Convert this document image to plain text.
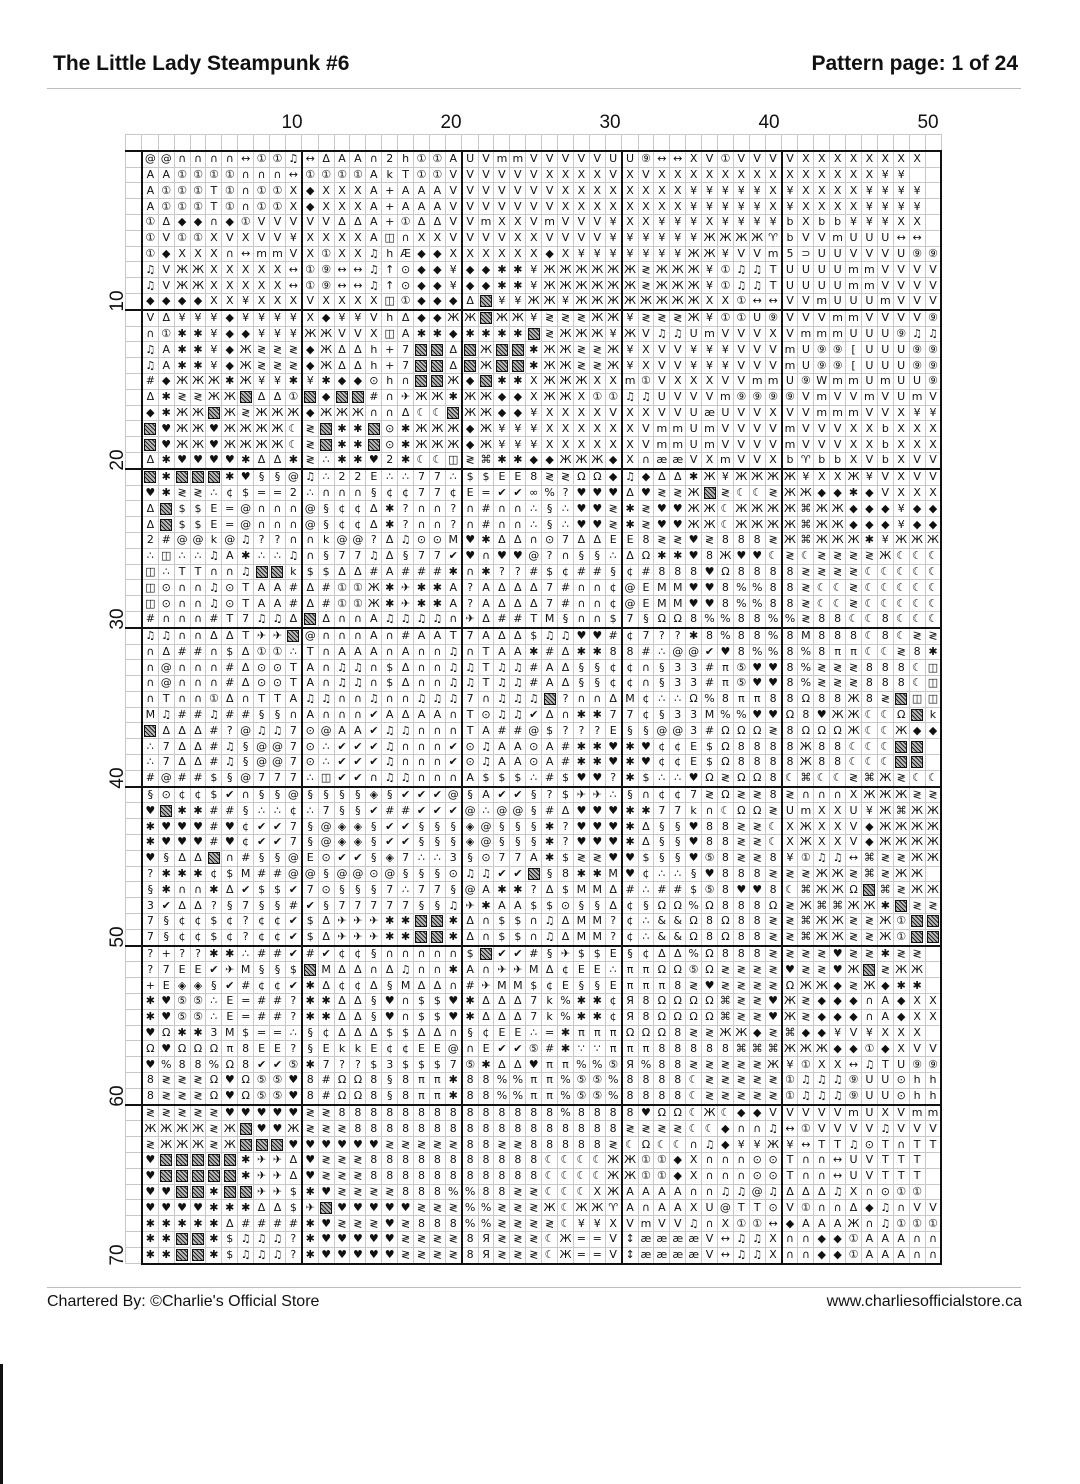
The Little Lady Steampunk #6	Pattern page: 1 of 24
10	20	30	40	50
10
20
30
40
50
60
70

	@	@	∩	∩	∩	∩	↔	①	①	♫	↔	Δ	A	A	∩	2	h	①	①	A	U	V	m	m	V	V	V	V	V	U	U	⑨	↔	↔	X	V	①	V	V	V	V	X	X	X	X	X	X	X	X	
	A	A	①	①	①	①	∩	∩	∩	↔	①	①	①	①	A	k	T	①	①	V	V	V	V	V	V	X	X	X	X	V	X	V	X	X	X	X	X	X	X	X	X	X	X	X	X	X	¥	¥		
	A	①	①	①	T	①	∩	①	①	X	◆	X	X	X	A	+	A	A	A	V	V	V	V	V	V	V	X	X	X	X	X	X	X	X	¥	¥	¥	¥	¥	X	¥	X	X	X	X	¥	¥	¥	¥	
	A	①	①	①	T	①	∩	①	①	X	◆	X	X	X	A	+	A	A	A	V	V	V	V	V	V	V	X	X	X	X	X	X	X	X	¥	¥	¥	¥	¥	X	¥	X	X	X	X	¥	¥	¥	¥	
	①	Δ	◆	◆	∩	◆	①	V	V	V	V	V	Δ	Δ	A	+	①	Δ	Δ	V	V	m	X	X	V	m	V	V	V	¥	X	X	¥	¥	¥	X	¥	¥	¥	¥	b	X	b	b	¥	¥	¥	X	X	
	①	V	①	①	X	V	X	V	V	¥	X	X	X	X	A	◫	∩	X	X	V	V	V	V	X	X	V	V	V	V	¥	¥	¥	¥	¥	¥	Ж	Ж	Ж	Ж	♈	b	V	V	m	U	U	U	↔	↔	
	①	◆	X	X	X	∩	↔	m	m	V	X	①	X	X	♫	h	Æ	◆	◆	X	X	X	X	X	X	◆	X	¥	¥	¥	¥	¥	¥	¥	Ж	Ж	¥	V	V	m	5	⊃	U	U	V	V	V	U	⑨	⑨
	♫	V	Ж	Ж	X	X	X	X	X	↔	①	⑨	↔	↔	♫	↑	⊙	◆	◆	¥	◆	◆	✱	✱	¥	Ж	Ж	Ж	Ж	Ж	Ж	≷	Ж	Ж	Ж	¥	①	♫	♫	T	U	U	U	U	m	m	V	V	V	V
	♫	V	Ж	Ж	X	X	X	X	X	↔	①	⑨	↔	↔	♫	↑	⊙	◆	◆	¥	◆	◆	✱	✱	¥	Ж	Ж	Ж	Ж	Ж	Ж	≷	Ж	Ж	Ж	¥	①	♫	♫	T	U	U	U	U	m	m	V	V	V	V
	◆	◆	◆	◆	X	X	¥	X	X	X	V	X	X	X	X	◫	①	◆	◆	◆	Δ		¥	¥	Ж	Ж	¥	Ж	Ж	Ж	Ж	Ж	Ж	Ж	Ж	X	X	①	↔	↔	V	V	m	U	U	U	m	V	V	V
	V	Δ	¥	¥	¥	◆	¥	¥	¥	¥	X	◆	¥	¥	V	h	Δ	◆	◆	Ж	Ж		Ж	Ж	¥	≷	≷	≷	Ж	Ж	¥	≷	≷	≷	Ж	¥	①	①	U	⑨	V	V	V	m	m	V	V	V	V	⑨
	∩	①	✱	✱	¥	◆	◆	¥	¥	¥	Ж	Ж	V	V	X	◫	A	✱	✱	◆	✱	✱	✱	✱		≷	Ж	Ж	Ж	¥	Ж	V	♫	♫	U	m	V	V	V	X	V	m	m	m	U	U	U	⑨	♫	♫
	♫	A	✱	✱	¥	◆	Ж	≷	≷	≷	◆	Ж	Δ	Δ	h	+	7			Δ		Ж			✱	Ж	Ж	≷	≷	Ж	¥	X	V	V	¥	¥	¥	V	V	V	m	U	⑨	⑨	[	U	U	U	⑨	⑨
	♫	A	✱	✱	¥	◆	Ж	≷	≷	≷	◆	Ж	Δ	Δ	h	+	7			Δ		Ж			✱	Ж	Ж	≷	≷	Ж	¥	X	V	V	¥	¥	¥	V	V	V	m	U	⑨	⑨	[	U	U	U	⑨	⑨
	#	◆	Ж	Ж	Ж	✱	Ж	¥	¥	✱	¥	✱	◆	◆	⊙	h	∩			Ж	◆		✱	✱	X	Ж	Ж	Ж	X	X	m	①	V	X	X	X	V	V	m	m	U	⑨	W	m	m	U	m	U	U	⑨
	Δ	✱	≷	≷	Ж	Ж		Δ	Δ	①		◆			#	∩	✈	Ж	Ж	✱	Ж	Ж	◆	◆	X	Ж	Ж	X	①	①	♫	♫	U	V	V	V	m	⑨	⑨	⑨	⑨	V	m	V	V	m	V	U	m	V
	◆	✱	Ж	Ж		Ж	≷	Ж	Ж	Ж	◆	Ж	Ж	Ж	∩	∩	Δ	☾	☾		Ж	Ж	◆	◆	¥	X	X	X	X	V	X	X	V	V	U	æ	U	V	V	X	V	V	m	m	m	V	V	X	¥	¥
		♥	Ж	Ж	♥	Ж	Ж	Ж	Ж	☾	≷		✱	✱		⊙	✱	Ж	Ж	Ж	◆	Ж	¥	¥	¥	X	X	X	X	X	X	V	m	m	U	m	V	V	V	V	m	V	V	V	X	X	b	X	X	X
		♥	Ж	Ж	♥	Ж	Ж	Ж	Ж	☾	≷		✱	✱		⊙	✱	Ж	Ж	Ж	◆	Ж	¥	¥	¥	X	X	X	X	X	X	V	m	m	U	m	V	V	V	V	m	V	V	V	X	X	b	X	X	X
	Δ	✱	♥	♥	♥	♥	✱	Δ	Δ	✱	≷	∴	✱	✱	♥	2	✱	☾	☾	◫	≷	⌘	✱	✱	◆	◆	Ж	Ж	Ж	◆	X	∩	æ	æ	V	X	m	V	V	X	b	♈	b	b	X	V	b	X	V	V
		✱				✱	♥	§	§	@	♫	∴	2	2	E	∴	∴	7	7	∴	$	$	E	E	8	≷	≷	Ω	Ω	◆	♫	◆	Δ	Δ	✱	Ж	¥	Ж	Ж	Ж	Ж	¥	X	X	Ж	¥	V	X	V	V
	♥	✱	≷	≷	∴	¢	$	=	=	2	∴	∩	∩	∩	§	¢	¢	7	7	¢	E	=	✔	✔	∞	%	?	♥	♥	♥	Δ	♥	≷	≷	Ж		≷	☾	☾	≷	Ж	Ж	◆	◆	✱	◆	V	X	X	X
	Δ		$	$	E	=	@	∩	∩	∩	@	§	¢	¢	Δ	✱	?	∩	∩	?	∩	#	∩	∩	∴	§	∴	♥	♥	≷	✱	≷	♥	♥	Ж	Ж	☾	Ж	Ж	Ж	Ж	⌘	Ж	Ж	◆	◆	◆	¥	◆	◆
	Δ		$	$	E	=	@	∩	∩	∩	@	§	¢	¢	Δ	✱	?	∩	∩	?	∩	#	∩	∩	∴	§	∴	♥	♥	≷	✱	≷	♥	♥	Ж	Ж	☾	Ж	Ж	Ж	Ж	⌘	Ж	Ж	◆	◆	◆	¥	◆	◆
	2	#	@	@	k	@	♫	?	?	∩	∩	k	@	@	?	Δ	♫	⊙	⊙	M	♥	✱	Δ	Δ	∩	⊙	7	Δ	Δ	E	E	8	≷	≷	♥	≷	8	8	8	≷	Ж	⌘	Ж	Ж	Ж	✱	¥	Ж	Ж	Ж
	∴	◫	∴	∴	♫	A	✱	∴	∴	♫	∩	§	7	7	♫	Δ	§	7	7	✔	♥	∩	♥	♥	@	?	∩	§	§	∴	Δ	Ω	✱	✱	♥	8	Ж	♥	♥	☾	≷	☾	≷	≷	≷	≷	Ж	☾	☾	☾
	◫	∴	T	T	∩	∩	♫			k	$	$	Δ	Δ	#	A	#	#	#	✱	∩	✱	?	?	#	$	¢	#	#	§	¢	#	8	8	8	♥	Ω	8	8	8	8	≷	≷	≷	≷	☾	☾	☾	☾	☾
	◫	⊙	∩	∩	♫	⊙	T	A	A	#	Δ	#	①	①	Ж	✱	✈	✱	✱	A	?	A	Δ	Δ	Δ	7	#	∩	∩	¢	@	E	M	M	♥	♥	8	%	%	8	8	≷	☾	☾	≷	☾	☾	☾	☾	☾
	◫	⊙	∩	∩	♫	⊙	T	A	A	#	Δ	#	①	①	Ж	✱	✈	✱	✱	A	?	A	Δ	Δ	Δ	7	#	∩	∩	¢	@	E	M	M	♥	♥	8	%	%	8	8	≷	☾	☾	≷	☾	☾	☾	☾	☾
	#	∩	∩	∩	#	T	7	♫	♫	Δ		Δ	∩	∩	A	♫	♫	♫	♫	∩	✈	Δ	#	#	T	M	§	∩	∩	$	7	§	Ω	Ω	8	%	%	8	8	%	%	≷	8	8	☾	☾	8	☾	☾	☾
	♫	♫	∩	∩	Δ	Δ	T	✈	✈		@	∩	∩	∩	A	∩	#	A	A	T	7	A	Δ	Δ	$	♫	♫	♥	♥	#	¢	7	?	?	✱	8	%	8	8	%	8	M	8	8	8	☾	8	☾	≷	≷
	∩	Δ	#	#	∩	$	Δ	①	①	∴	T	∩	A	A	A	∩	A	∩	∩	♫	∩	T	A	A	✱	#	Δ	✱	✱	8	8	#	∴	@	@	✔	♥	8	%	%	8	%	8	π	π	☾	☾	≷	8	✱
	∩	@	∩	∩	∩	#	Δ	⊙	⊙	T	A	∩	♫	♫	∩	$	Δ	∩	∩	♫	♫	T	♫	♫	#	A	Δ	§	§	¢	¢	∩	§	3	3	#	π	⑤	♥	♥	8	%	≷	≷	≷	8	8	8	☾	◫
	∩	@	∩	∩	∩	#	Δ	⊙	⊙	T	A	∩	♫	♫	∩	$	Δ	∩	∩	♫	♫	T	♫	♫	#	A	Δ	§	§	¢	¢	∩	§	3	3	#	π	⑤	♥	♥	8	%	≷	≷	≷	8	8	8	☾	◫
	∩	T	∩	∩	①	Δ	∩	T	T	A	♫	♫	∩	∩	♫	∩	∩	♫	♫	♫	7	∩	♫	♫	♫		?	∩	∩	Δ	M	¢	∴	∴	Ω	%	8	π	π	8	8	Ω	8	8	Ж	8	≷		◫	◫
	M	♫	#	#	♫	#	#	§	§	∩	A	∩	∩	∩	✔	A	Δ	A	A	∩	T	⊙	♫	♫	✔	Δ	∩	✱	✱	7	7	¢	§	3	3	M	%	%	♥	♥	Ω	8	♥	Ж	Ж	☾	☾	Ω		k
		Δ	Δ	Δ	#	?	@	♫	♫	7	⊙	@	A	A	✔	♫	♫	∩	∩	∩	T	A	#	#	@	$	?	?	?	E	§	§	@	@	3	#	Ω	Ω	Ω	≷	8	Ω	Ω	Ω	Ж	☾	☾	Ж	◆	◆
	∴	7	Δ	Δ	#	♫	§	@	@	7	⊙	∴	✔	✔	✔	♫	∩	∩	∩	✔	⊙	♫	A	A	⊙	A	#	✱	✱	♥	✱	♥	¢	¢	E	$	Ω	8	8	8	8	Ж	8	8	☾	☾	☾			
	∴	7	Δ	Δ	#	♫	§	@	@	7	⊙	∴	✔	✔	✔	♫	∩	∩	∩	✔	⊙	♫	A	A	⊙	A	#	✱	✱	♥	✱	♥	¢	¢	E	$	Ω	8	8	8	8	Ж	8	8	☾	☾	☾			
	#	@	#	#	$	§	@	7	7	7	∴	◫	✔	✔	∩	♫	♫	∩	∩	∩	A	$	$	$	∴	#	$	♥	♥	?	✱	$	∴	∴	♥	Ω	≷	Ω	Ω	8	☾	⌘	☾	☾	≷	⌘	Ж	≷	☾	☾
	§	⊙	¢	¢	$	✔	∩	§	§	@	§	§	§	§	◈	§	✔	✔	✔	@	§	A	✔	✔	§	?	$	✈	✈	∴	§	∩	¢	¢	7	≷	Ω	≷	≷	8	≷	∩	∩	∩	X	Ж	Ж	Ж	≷	≷
	♥		✱	✱	#	#	§	∴	∴	¢	∴	7	§	§	✔	#	#	✔	✔	✔	@	∴	@	@	§	#	Δ	♥	♥	♥	✱	✱	7	7	k	∩	☾	Ω	Ω	≷	U	m	X	X	U	¥	Ж	⌘	Ж	Ж
	✱	♥	♥	♥	#	♥	¢	✔	✔	7	§	@	◈	◈	§	✔	✔	§	§	§	◈	@	§	§	§	✱	?	♥	♥	♥	✱	Δ	§	§	♥	8	8	≷	≷	☾	X	Ж	X	X	V	◆	Ж	Ж	Ж	Ж
	✱	♥	♥	♥	#	♥	¢	✔	✔	7	§	@	◈	◈	§	✔	✔	§	§	§	◈	@	§	§	§	✱	?	♥	♥	♥	✱	Δ	§	§	♥	8	8	≷	≷	☾	X	Ж	X	X	V	◆	Ж	Ж	Ж	Ж
	♥	§	Δ	Δ		∩	#	§	§	@	E	⊙	✔	✔	§	◈	7	∴	∴	3	§	⊙	7	7	A	✱	$	≷	≷	♥	♥	$	§	§	♥	⑤	8	≷	≷	8	¥	①	♫	♫	↔	⌘	≷	≷	Ж	Ж
	?	✱	✱	✱	¢	$	M	#	#	@	@	§	@	@	⊙	@	§	§	§	⊙	♫	♫	✔	✔		§	8	✱	✱	M	♥	¢	∴	∴	§	♥	8	8	8	≷	≷	≷	Ж	Ж	≷	⌘	≷	Ж	Ж	
	§	✱	∩	∩	✱	Δ	✔	$	$	✔	7	⊙	§	§	§	7	∴	7	7	§	@	A	✱	✱	?	Δ	$	M	M	Δ	#	∴	#	#	$	⑤	8	♥	♥	8	☾	⌘	Ж	Ж	Ω		⌘	≷	Ж	Ж
	3	✔	Δ	Δ	?	§	7	§	§	#	✔	§	7	7	7	7	7	§	§	♫	✈	✱	A	A	$	$	⊙	§	§	Δ	¢	§	Ω	Ω	%	Ω	8	8	8	Ω	≷	Ж	⌘	⌘	Ж	Ж	✱		≷	≷
	7	§	¢	¢	$	¢	?	¢	¢	✔	$	Δ	✈	✈	✈	✱	✱			✱	Δ	∩	$	$	∩	♫	Δ	M	M	?	¢	∴	&	&	Ω	8	Ω	8	8	≷	≷	⌘	Ж	Ж	≷	≷	Ж	①		
	7	§	¢	¢	$	¢	?	¢	¢	✔	$	Δ	✈	✈	✈	✱	✱			✱	Δ	∩	$	$	∩	♫	Δ	M	M	?	¢	∴	&	&	Ω	8	Ω	8	8	≷	≷	⌘	Ж	Ж	≷	≷	Ж	①		
	?	+	?	?	✱	✱	∴	#	#	✔	#	✔	¢	¢	§	∩	∩	∩	∩	∩	$		✔	✔	#	§	✈	$	$	E	§	¢	Δ	Δ	%	Ω	8	8	8	≷	≷	≷	≷	♥	≷	≷	✱	≷	≷	
	?	7	E	E	✔	✈	M	§	§	$		M	Δ	Δ	∩	Δ	♫	∩	∩	✱	A	∩	✈	✈	M	Δ	¢	E	E	∴	π	π	Ω	Ω	⑤	Ω	≷	≷	≷	≷	♥	≷	≷	♥	Ж		≷	Ж	Ж	
	+	E	◈	◈	§	✔	#	¢	¢	✔	✱	Δ	¢	¢	Δ	§	M	Δ	Δ	∩	#	✈	M	M	$	¢	E	§	§	E	π	π	π	8	≷	♥	≷	≷	≷	≷	Ω	Ж	Ж	◆	≷	Ж	◆	✱	✱	
	✱	♥	⑤	⑤	∴	E	=	#	#	?	✱	✱	Δ	Δ	§	♥	∩	$	$	♥	✱	Δ	Δ	Δ	7	k	%	✱	✱	¢	Я	8	Ω	Ω	Ω	Ω	⌘	≷	≷	♥	Ж	≷	◆	◆	◆	∩	A	◆	X	X
	✱	♥	⑤	⑤	∴	E	=	#	#	?	✱	✱	Δ	Δ	§	♥	∩	$	$	♥	✱	Δ	Δ	Δ	7	k	%	✱	✱	¢	Я	8	Ω	Ω	Ω	Ω	⌘	≷	≷	♥	Ж	≷	◆	◆	◆	∩	A	◆	X	X
	♥	Ω	✱	✱	3	M	$	=	=	∴	§	¢	Δ	Δ	Δ	$	$	Δ	Δ	∩	§	¢	E	E	∴	=	✱	π	π	π	Ω	Ω	Ω	8	≷	≷	Ж	Ж	◆	≷	⌘	◆	◆	¥	V	¥	X	X	X	
	Ω	♥	Ω	Ω	Ω	π	8	E	E	?	§	E	k	k	E	¢	¢	E	E	@	∩	E	✔	✔	⑤	#	✱	∵	∵	π	π	π	8	8	8	8	8	⌘	⌘	⌘	Ж	Ж	Ж	◆	◆	①	◆	X	V	V
	♥	%	8	8	%	Ω	8	✔	✔	⑤	✱	7	?	?	$	3	$	$	$	7	⑤	✱	Δ	Δ	♥	π	π	%	%	⑤	Я	%	8	8	≷	≷	≷	≷	≷	Ж	¥	①	X	X	↔	♫	T	U	⑨	⑨
	8	≷	≷	≷	Ω	♥	Ω	⑤	⑤	♥	8	#	Ω	Ω	8	§	8	π	π	✱	8	8	%	%	π	π	%	⑤	⑤	%	8	8	8	8	☾	≷	≷	≷	≷	≷	①	♫	♫	♫	⑨	U	U	⊙	h	h
	8	≷	≷	≷	Ω	♥	Ω	⑤	⑤	♥	8	#	Ω	Ω	8	§	8	π	π	✱	8	8	%	%	π	π	%	⑤	⑤	%	8	8	8	8	☾	≷	≷	≷	≷	≷	①	♫	♫	♫	⑨	U	U	⊙	h	h
	≷	≷	≷	≷	≷	♥	♥	♥	♥	♥	≷	≷	8	8	8	8	8	8	8	8	8	8	8	8	8	8	%	8	8	8	8	♥	Ω	Ω	☾	Ж	☾	◆	◆	V	V	V	V	V	m	U	X	V	m	m
	Ж	Ж	Ж	Ж	≷	Ж		♥	♥	Ж	≷	≷	≷	8	8	8	8	8	8	8	8	8	8	8	8	8	8	8	8	8	≷	≷	≷	≷	☾	☾	◆	∩	∩	♫	↔	①	V	V	V	V	♫	V	V	V
	≷	Ж	Ж	Ж	≷	Ж				♥	♥	♥	♥	♥	♥	≷	≷	≷	≷	≷	8	8	≷	≷	8	8	8	8	8	≷	☾	Ω	☾	☾	∩	♫	◆	¥	¥	Ж	¥	↔	T	T	♫	⊙	T	∩	T	T
	♥						✱	✈	✈	Δ	♥	≷	≷	≷	8	8	8	8	8	8	8	8	8	8	8	☾	☾	☾	☾	Ж	Ж	①	①	◆	X	∩	∩	∩	⊙	⊙	T	∩	∩	↔	U	V	T	T	T	
	♥						✱	✈	✈	Δ	♥	≷	≷	≷	8	8	8	8	8	8	8	8	8	8	8	☾	☾	☾	☾	Ж	Ж	①	①	◆	X	∩	∩	∩	⊙	⊙	T	∩	∩	↔	U	V	T	T	T	
	♥	♥			✱			✈	✈	$	✱	♥	≷	≷	≷	≷	8	8	8	%	%	8	8	≷	≷	☾	☾	☾	X	Ж	A	A	A	A	∩	∩	♫	♫	@	♫	Δ	Δ	Δ	♫	X	∩	⊙	①	①	
	♥	♥	♥	♥	✱	✱	✱	Δ	Δ	$	✈		♥	♥	♥	♥	♥	≷	≷	≷	%	%	≷	≷	≷	Ж	☾	Ж	Ж	♈	A	∩	A	A	X	U	@	T	T	⊙	V	①	∩	∩	Δ	◆	♫	∩	V	V
	✱	✱	✱	✱	✱	Δ	#	#	#	#	✱	♥	≷	≷	≷	♥	≷	8	8	8	%	%	≷	≷	≷	≷	☾	¥	¥	X	V	m	V	V	♫	∩	X	①	①	↔	◆	A	A	A	Ж	∩	♫	①	①	①
	✱	✱			✱	$	♫	♫	♫	?	✱	♥	♥	♥	♥	♥	≷	≷	≷	≷	8	Я	≷	≷	≷	☾	Ж	=	=	V	↕	æ	æ	æ	æ	V	↔	♫	♫	X	∩	∩	◆	◆	①	A	A	A	∩	∩
	✱	✱			✱	$	♫	♫	♫	?	✱	♥	♥	♥	♥	♥	≷	≷	≷	≷	8	Я	≷	≷	≷	☾	Ж	=	=	V	↕	æ	æ	æ	æ	V	↔	♫	♫	X	∩	∩	◆	◆	①	A	A	A	∩	∩
Chartered By: ©Charlie's Official Store	www.charliesofficialstore.ca
